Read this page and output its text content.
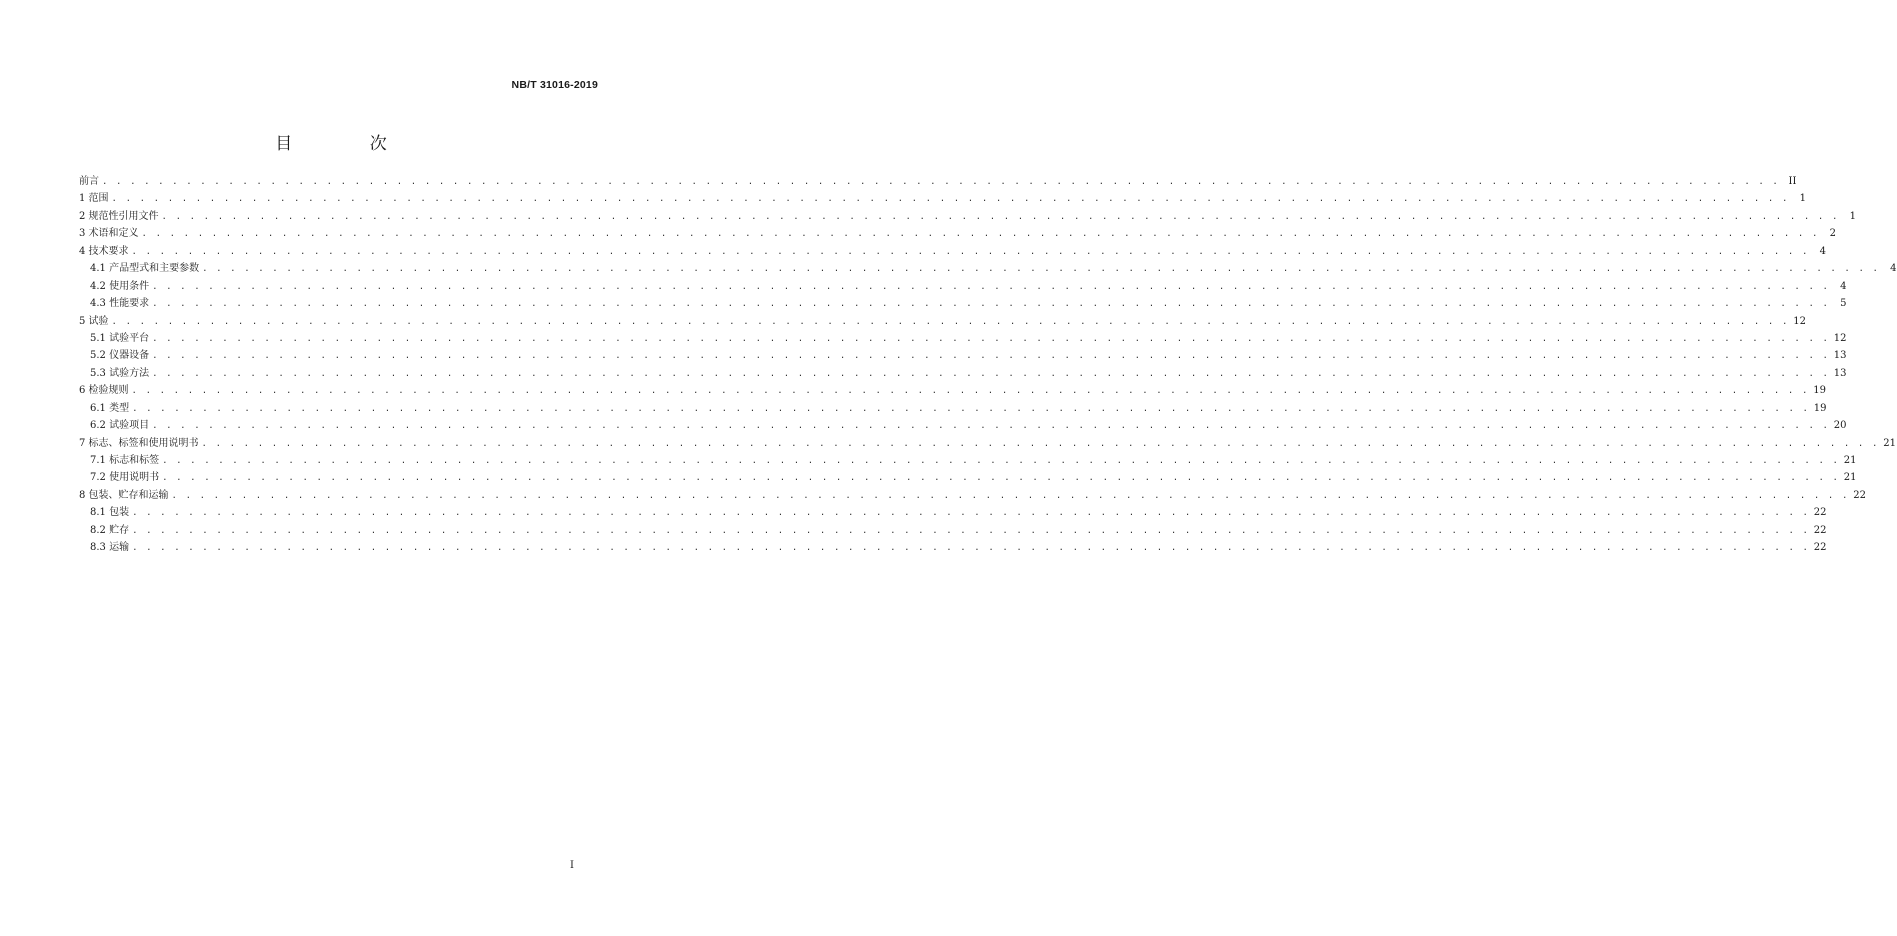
NB/T 31016-2019
目 次
前言 . . . . . . . . . . . . . . . . . . . . . . . . . . . . . . . . . . . . . . . . . . . . . . . . . . . . . . . . . . . . . . . . . . . . . . . . . . . . . . . . . . . . . . . . . . . . . . . . . . . . . . . . . . . . . . . . . . . . . . . . II
1 范围 . . . . . . . . . . . . . . . . . . . . . . . . . . . . . . . . . . . . . . . . . . . . . . . . . . . . . . . . . . . . . . . . . . . . . . . . . . . . . . . . . . . . . . . . . . . . . . . . . . . . . . . . . . . . . . . . . . . . . . . .	1
2 规范性引用文件 . . . . . . . . . . . . . . . . . . . . . . . . . . . . . . . . . . . . . . . . . . . . . . . . . . . . . . . . . . . . . . . . . . . . . . . . . . . . . . . . . . . . . . . . . . . . . . . . . . . . . . . . . . . . . . . . . . . . . . . .	1
3 术语和定义 . . . . . . . . . . . . . . . . . . . . . . . . . . . . . . . . . . . . . . . . . . . . . . . . . . . . . . . . . . . . . . . . . . . . . . . . . . . . . . . . . . . . . . . . . . . . . . . . . . . . . . . . . . . . . . . . . . . . . . . .	2
4 技术要求 . . . . . . . . . . . . . . . . . . . . . . . . . . . . . . . . . . . . . . . . . . . . . . . . . . . . . . . . . . . . . . . . . . . . . . . . . . . . . . . . . . . . . . . . . . . . . . . . . . . . . . . . . . . . . . . . . . . . . . . .	4
4.1 产品型式和主要参数 . . . . . . . . . . . . . . . . . . . . . . . . . . . . . . . . . . . . . . . . . . . . . . . . . . . . . . . . . . . . . . . . . . . . . . . . . . . . . . . . . . . . . . . . . . . . . . . . . . . . . . . . . . . . . . . . . . . . . . . .	4
4.2 使用条件 . . . . . . . . . . . . . . . . . . . . . . . . . . . . . . . . . . . . . . . . . . . . . . . . . . . . . . . . . . . . . . . . . . . . . . . . . . . . . . . . . . . . . . . . . . . . . . . . . . . . . . . . . . . . . . . . . . . . . . . .	4
4.3 性能要求 . . . . . . . . . . . . . . . . . . . . . . . . . . . . . . . . . . . . . . . . . . . . . . . . . . . . . . . . . . . . . . . . . . . . . . . . . . . . . . . . . . . . . . . . . . . . . . . . . . . . . . . . . . . . . . . . . . . . . . . .	5
5 试验 . . . . . . . . . . . . . . . . . . . . . . . . . . . . . . . . . . . . . . . . . . . . . . . . . . . . . . . . . . . . . . . . . . . . . . . . . . . . . . . . . . . . . . . . . . . . . . . . . . . . . . . . . . . . . . . . . . . . . . . . 12
5.1 试验平台 . . . . . . . . . . . . . . . . . . . . . . . . . . . . . . . . . . . . . . . . . . . . . . . . . . . . . . . . . . . . . . . . . . . . . . . . . . . . . . . . . . . . . . . . . . . . . . . . . . . . . . . . . . . . . . . . . . . . . . . . 12
5.2 仪器设备 . . . . . . . . . . . . . . . . . . . . . . . . . . . . . . . . . . . . . . . . . . . . . . . . . . . . . . . . . . . . . . . . . . . . . . . . . . . . . . . . . . . . . . . . . . . . . . . . . . . . . . . . . . . . . . . . . . . . . . . . 13
5.3 试验方法 . . . . . . . . . . . . . . . . . . . . . . . . . . . . . . . . . . . . . . . . . . . . . . . . . . . . . . . . . . . . . . . . . . . . . . . . . . . . . . . . . . . . . . . . . . . . . . . . . . . . . . . . . . . . . . . . . . . . . . . . 13
6 检验规则 . . . . . . . . . . . . . . . . . . . . . . . . . . . . . . . . . . . . . . . . . . . . . . . . . . . . . . . . . . . . . . . . . . . . . . . . . . . . . . . . . . . . . . . . . . . . . . . . . . . . . . . . . . . . . . . . . . . . . . . . 19
6.1 类型 . . . . . . . . . . . . . . . . . . . . . . . . . . . . . . . . . . . . . . . . . . . . . . . . . . . . . . . . . . . . . . . . . . . . . . . . . . . . . . . . . . . . . . . . . . . . . . . . . . . . . . . . . . . . . . . . . . . . . . . . 19
6.2 试验项目 . . . . . . . . . . . . . . . . . . . . . . . . . . . . . . . . . . . . . . . . . . . . . . . . . . . . . . . . . . . . . . . . . . . . . . . . . . . . . . . . . . . . . . . . . . . . . . . . . . . . . . . . . . . . . . . . . . . . . . . . 20
7 标志、标签和使用说明书 . . . . . . . . . . . . . . . . . . . . . . . . . . . . . . . . . . . . . . . . . . . . . . . . . . . . . . . . . . . . . . . . . . . . . . . . . . . . . . . . . . . . . . . . . . . . . . . . . . . . . . . . . . . . . . . . . . . . . . . . 21
7.1 标志和标签 . . . . . . . . . . . . . . . . . . . . . . . . . . . . . . . . . . . . . . . . . . . . . . . . . . . . . . . . . . . . . . . . . . . . . . . . . . . . . . . . . . . . . . . . . . . . . . . . . . . . . . . . . . . . . . . . . . . . . . . . 21
7.2 使用说明书 . . . . . . . . . . . . . . . . . . . . . . . . . . . . . . . . . . . . . . . . . . . . . . . . . . . . . . . . . . . . . . . . . . . . . . . . . . . . . . . . . . . . . . . . . . . . . . . . . . . . . . . . . . . . . . . . . . . . . . . . 21
8 包装、贮存和运输 . . . . . . . . . . . . . . . . . . . . . . . . . . . . . . . . . . . . . . . . . . . . . . . . . . . . . . . . . . . . . . . . . . . . . . . . . . . . . . . . . . . . . . . . . . . . . . . . . . . . . . . . . . . . . . . . . . . . . . . . 22
8.1 包装 . . . . . . . . . . . . . . . . . . . . . . . . . . . . . . . . . . . . . . . . . . . . . . . . . . . . . . . . . . . . . . . . . . . . . . . . . . . . . . . . . . . . . . . . . . . . . . . . . . . . . . . . . . . . . . . . . . . . . . . . 22
8.2 贮存 . . . . . . . . . . . . . . . . . . . . . . . . . . . . . . . . . . . . . . . . . . . . . . . . . . . . . . . . . . . . . . . . . . . . . . . . . . . . . . . . . . . . . . . . . . . . . . . . . . . . . . . . . . . . . . . . . . . . . . . . 22
8.3 运输 . . . . . . . . . . . . . . . . . . . . . . . . . . . . . . . . . . . . . . . . . . . . . . . . . . . . . . . . . . . . . . . . . . . . . . . . . . . . . . . . . . . . . . . . . . . . . . . . . . . . . . . . . . . . . . . . . . . . . . . . 22
I
